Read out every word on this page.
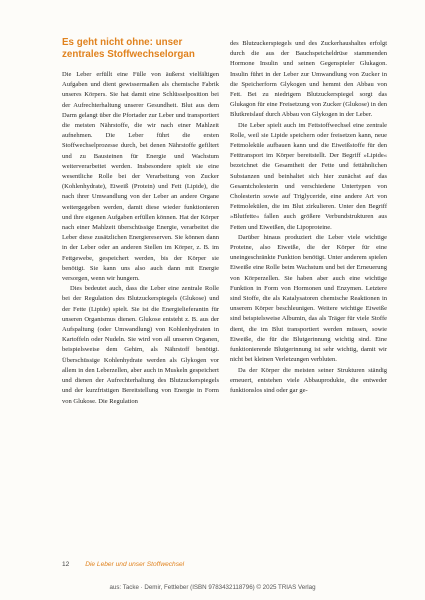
Es geht nicht ohne: unser zentrales Stoffwechselorgan

Die Leber erfüllt eine Fülle von äußerst vielfältigen Aufgaben und dient gewissermaßen als chemische Fabrik unseres Körpers. Sie hat damit eine Schlüsselposition bei der Aufrechterhaltung unserer Gesundheit. Blut aus dem Darm gelangt über die Pfortader zur Leber und transportiert die meisten Nährstoffe, die wir nach einer Mahlzeit aufnehmen. Die Leber führt die ersten Stoffwechselprozesse durch, bei denen Nährstoffe gefiltert und zu Bausteinen für Energie und Wachstum weiterverarbeitet werden. Insbesondere spielt sie eine wesentliche Rolle bei der Verarbeitung von Zucker (Kohlenhydrate), Eiweiß (Protein) und Fett (Lipide), die nach ihrer Umwandlung von der Leber an andere Organe weitergegeben werden, damit diese wieder funktionieren und ihre eigenen Aufgaben erfüllen können. Hat der Körper nach einer Mahlzeit überschüssige Energie, verarbeitet die Leber diese zusätzlichen Energiereserven. Sie können dann in der Leber oder an anderen Stellen im Körper, z. B. im Fettgewebe, gespeichert werden, bis der Körper sie benötigt. Sie kann uns also auch dann mit Energie versorgen, wenn wir hungern.

Dies bedeutet auch, dass die Leber eine zentrale Rolle bei der Regulation des Blutzuckerspiegels (Glukose) und der Fette (Lipide) spielt. Sie ist die Energielieferantin für unseren Organismus dienen. Glukose entsteht z. B. aus der Aufspaltung (oder Umwandlung) von Kohlenhydraten in Kartoffeln oder Nudeln. Sie wird von all unseren Organen, beispielsweise dem Gehirn, als Nährstoff benötigt. Überschüssige Kohlenhydrate werden als Glykogen vor allem in den Leberzellen, aber auch in Muskeln gespeichert und dienen der Aufrechterhaltung des Blutzuckerspiegels und der kurzfristigen Bereitstellung von Energie in Form von Glukose. Die Regulation

des Blutzuckerspiegels und des Zuckerhaushaltes erfolgt durch die aus der Bauchspeicheldrüse stammenden Hormone Insulin und seinen Gegenspieler Glukagon. Insulin führt in der Leber zur Umwandlung von Zucker in die Speicherform Glykogen und hemmt den Abbau von Fett. Bei zu niedrigem Blutzuckerspiegel sorgt das Glukagon für eine Freisetzung von Zucker (Glukose) in den Blutkreislauf durch Abbau von Glykogen in der Leber.

Die Leber spielt auch im Fettstoffwechsel eine zentrale Rolle, weil sie Lipide speichern oder freisetzen kann, neue Fettmoleküle aufbauen kann und die Eiweißstoffe für den Fetttransport im Körper bereitstellt. Der Begriff »Lipide« bezeichnet die Gesamtheit der Fette und fettähnlichen Substanzen und beinhaltet sich hier zunächst auf das Gesamtcholesterin und verschiedene Untertypen von Cholesterin sowie auf Triglyceride, eine andere Art von Fettmolekülen, die im Blut zirkulieren. Unter den Begriff »Blutfette« fallen auch größere Verbundstrukturen aus Fetten und Eiweißen, die Lipoproteine.

Darüber hinaus produziert die Leber viele wichtige Proteine, also Eiweiße, die der Körper für eine uneingeschränkte Funktion benötigt. Unter anderem spielen Eiweiße eine Rolle beim Wachstum und bei der Erneuerung von Körperzellen. Sie haben aber auch eine wichtige Funktion in Form von Hormonen und Enzymen. Letztere sind Stoffe, die als Katalysatoren chemische Reaktionen in unserem Körper beschleunigen. Weitere wichtige Eiweiße sind beispielsweise Albumin, das als Träger für viele Stoffe dient, die im Blut transportiert werden müssen, sowie Eiweiße, die für die Blutgerinnung wichtig sind. Eine funktionierende Blutgerinnung ist sehr wichtig, damit wir nicht bei kleinen Verletzungen verbluten.

Da der Körper die meisten seiner Strukturen ständig erneuert, entstehen viele Abbauprodukte, die entweder funktionslos sind oder gar ge-

12 Die Leber und unser Stoffwechsel
aus: Tacke · Demir, Fettleber (ISBN 9783432118796) © 2025 TRIAS Verlag
